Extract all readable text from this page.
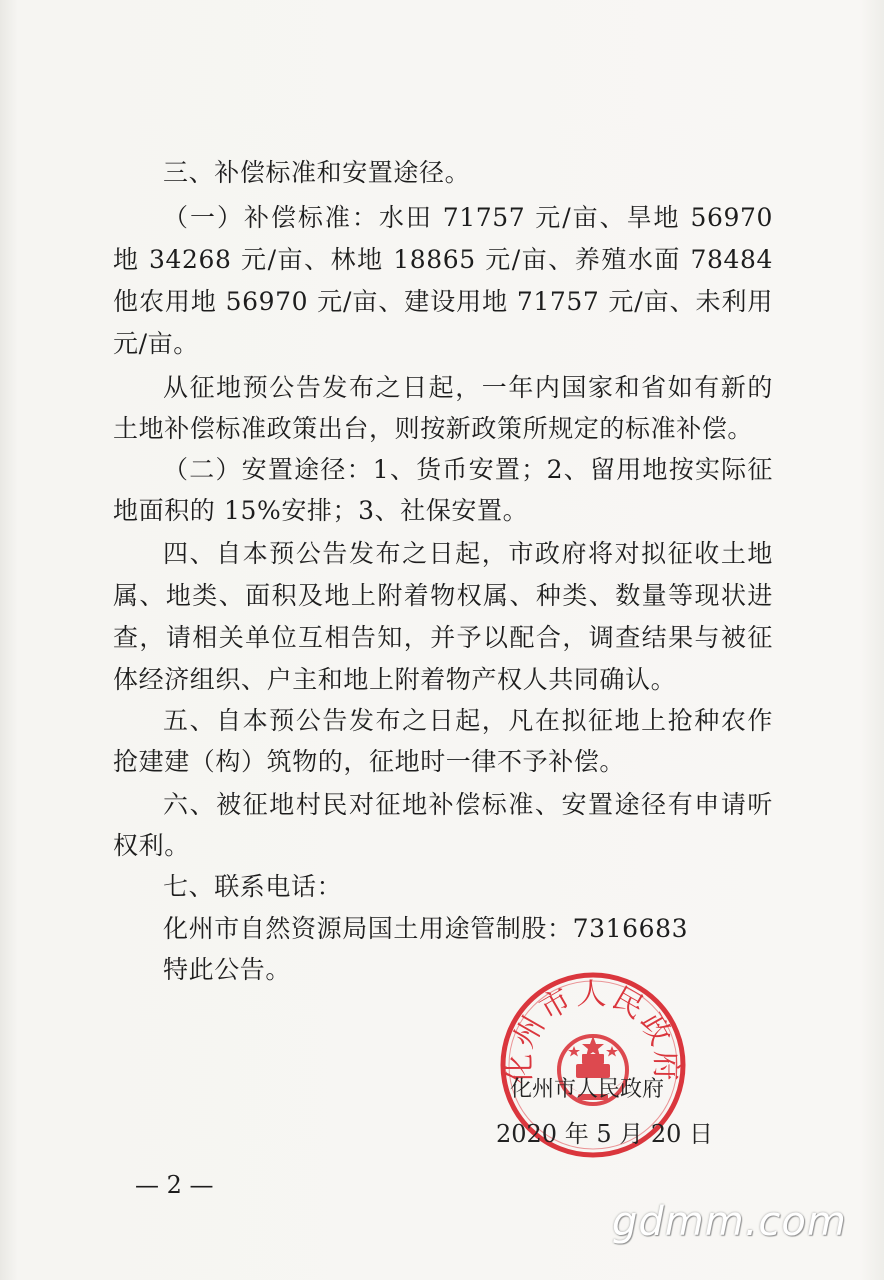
三、补偿标准和安置途径。
（一）补偿标准：水田 71757 元/亩、旱地 56970
地 34268 元/亩、林地 18865 元/亩、养殖水面 78484
他农用地 56970 元/亩、建设用地 71757 元/亩、未利用
元/亩。
从征地预公告发布之日起，一年内国家和省如有新的
土地补偿标准政策出台，则按新政策所规定的标准补偿。
（二）安置途径：1、货币安置；2、留用地按实际征
地面积的 15%安排；3、社保安置。
四、自本预公告发布之日起，市政府将对拟征收土地
属、地类、面积及地上附着物权属、种类、数量等现状进
查，请相关单位互相告知，并予以配合，调查结果与被征
体经济组织、户主和地上附着物产权人共同确认。
五、自本预公告发布之日起，凡在拟征地上抢种农作
抢建建（构）筑物的，征地时一律不予补偿。
六、被征地村民对征地补偿标准、安置途径有申请听
权利。
七、联系电话：
化州市自然资源局国土用途管制股：7316683
特此公告。
化州市人民政府
化州市人民政府
2020 年 5 月 20 日
— 2 —
gdmm.com
